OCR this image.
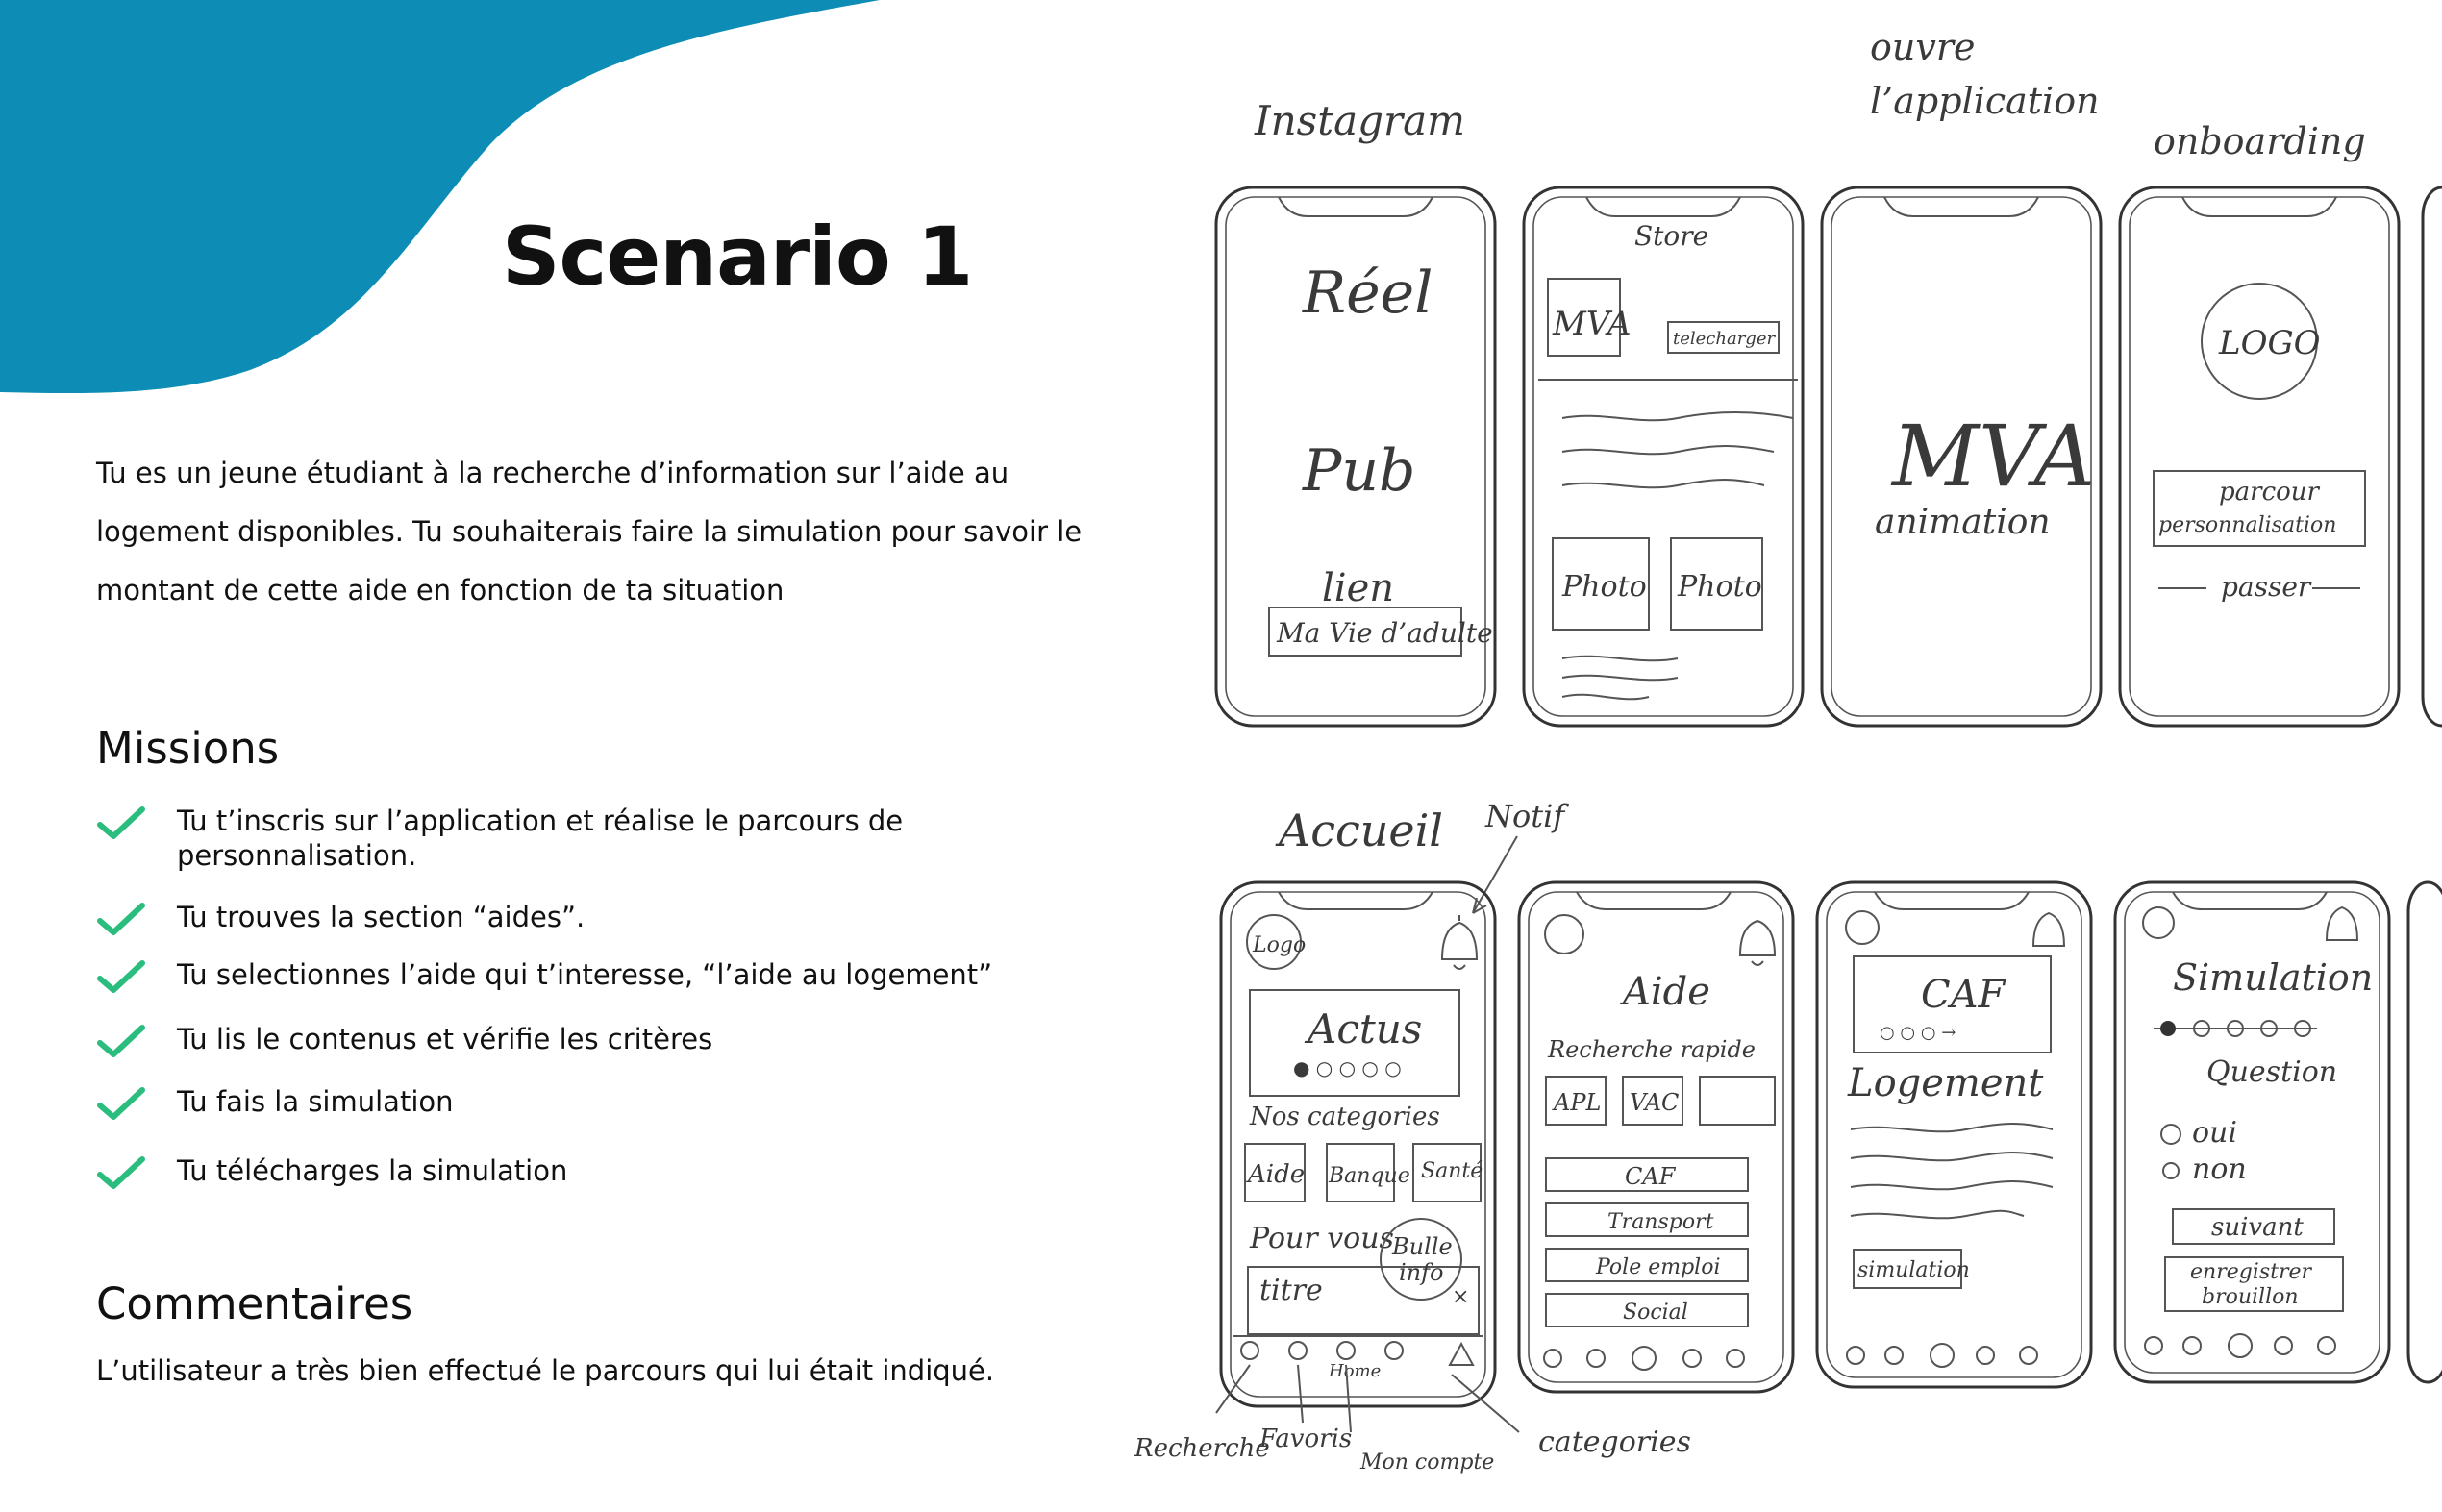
Scenario 1

Tu es un jeune étudiant à la recherche d’information sur l’aide au logement disponibles. Tu souhaiterais faire la simulation pour savoir le montant de cette aide en fonction de ta situation

Missions
Tu t’inscris sur l’application et réalise le parcours de personnalisation.
Tu trouves la section “aides”.
Tu selectionnes l’aide qui t’interesse, “l’aide au logement”
Tu lis le contenus et vérifie les critères
Tu fais la simulation
Tu télécharges la simulation
Commentaires

L’utilisateur a très bien effectué le parcours qui lui était indiqué.

Instagram
ouvre
l’application
onboarding
Réel
Pub
lien
Ma Vie d’adulte
Store
MVA telecharger
Photo Photo
MVA
animation
LOGO
parcour
personnalisation
passer
Accueil Notif
Logo
Actus
● ○ ○ ○ ○
Nos categories
Aide Banque Santé
Pour vous
titre
Bulle
info
×
Home
Aide
Recherche rapide
APL VAC
CAF
Transport
Pole emploi
Social
CAF
○ ○ ○ →
Logement
simulation
Simulation
Question
oui
non
suivant
enregistrer
brouillon
Recherche
Favoris
Mon compte
categories
